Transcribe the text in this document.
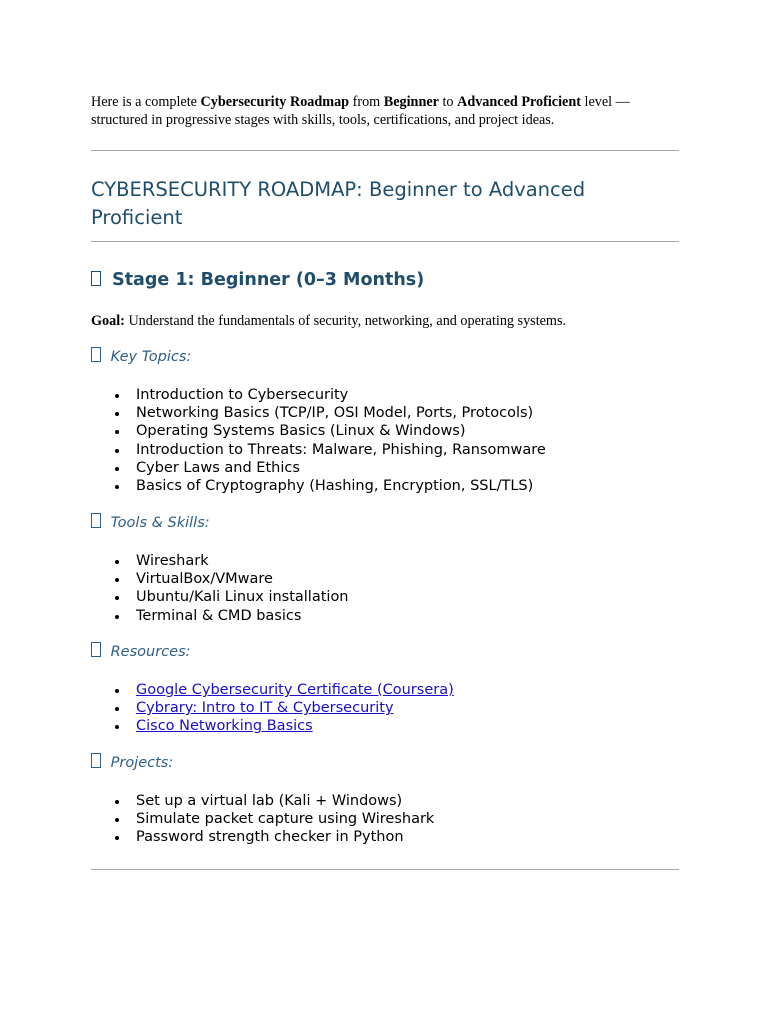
Here is a complete Cybersecurity Roadmap from Beginner to Advanced Proficient level — structured in progressive stages with skills, tools, certifications, and project ideas.

CYBERSECURITY ROADMAP: Beginner to Advanced Proficient
Stage 1: Beginner (0–3 Months)

Goal: Understand the fundamentals of security, networking, and operating systems.

Key Topics:
Introduction to Cybersecurity
Networking Basics (TCP/IP, OSI Model, Ports, Protocols)
Operating Systems Basics (Linux & Windows)
Introduction to Threats: Malware, Phishing, Ransomware
Cyber Laws and Ethics
Basics of Cryptography (Hashing, Encryption, SSL/TLS)
Tools & Skills:
Wireshark
VirtualBox/VMware
Ubuntu/Kali Linux installation
Terminal & CMD basics
Resources:
Google Cybersecurity Certificate (Coursera)
Cybrary: Intro to IT & Cybersecurity
Cisco Networking Basics
Projects:
Set up a virtual lab (Kali + Windows)
Simulate packet capture using Wireshark
Password strength checker in Python
